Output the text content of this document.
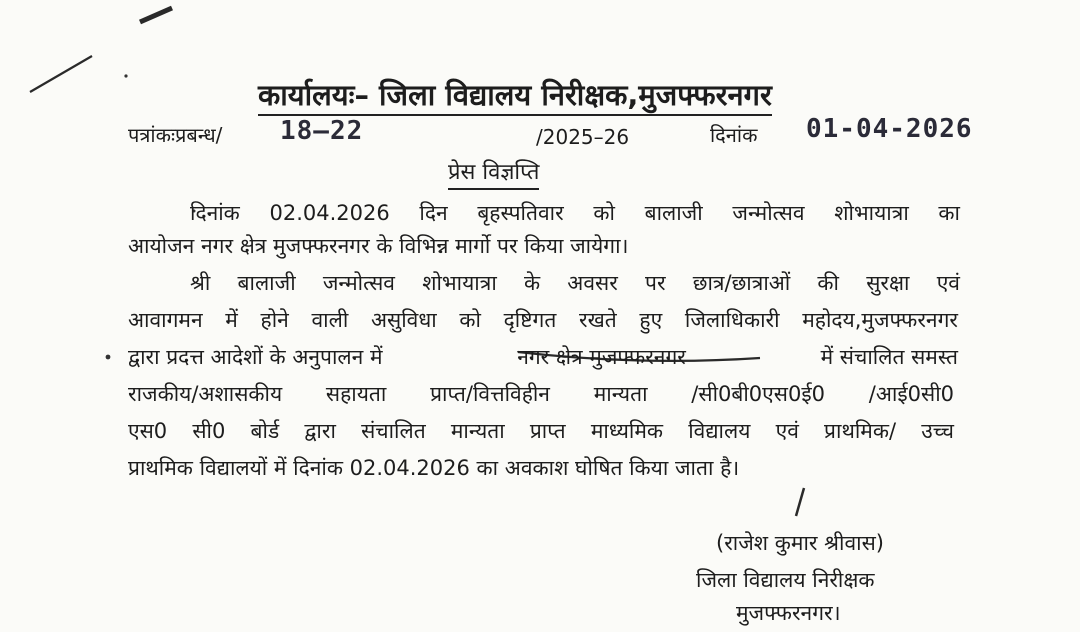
कार्यालयः– जिला विद्यालय निरीक्षक,मुजफ्फरनगर
पत्रांकःप्रबन्ध/ 18–22	/2025–26	दिनांक 01-04-2026
प्रेस विज्ञप्ति
दिनांक 02.04.2026 दिन बृहस्पतिवार को बालाजी जन्मोत्सव शोभायात्रा का
आयोजन नगर क्षेत्र मुजफ्फरनगर के विभिन्न मार्गो पर किया जायेगा।
श्री बालाजी जन्मोत्सव शोभायात्रा के अवसर पर छात्र/छात्राओं की सुरक्षा एवं
आवागमन में होने वाली असुविधा को दृष्टिगत रखते हुए जिलाधिकारी महोदय,मुजफ्फरनगर
द्वारा प्रदत्त आदेशों के अनुपालन में	नगर क्षेत्र मुजफ्फरनगर	में संचालित समस्त
राजकीय/अशासकीय सहायता प्राप्त/वित्तविहीन मान्यता /सी0बी0एस0ई0 /आई0सी0
एस0 सी0 बोर्ड द्वारा संचालित मान्यता प्राप्त माध्यमिक विद्यालय एवं प्राथमिक/ उच्च
प्राथमिक विद्यालयों में दिनांक 02.04.2026 का अवकाश घोषित किया जाता है।
(राजेश कुमार श्रीवास)
जिला विद्यालय निरीक्षक
मुजफ्फरनगर।
